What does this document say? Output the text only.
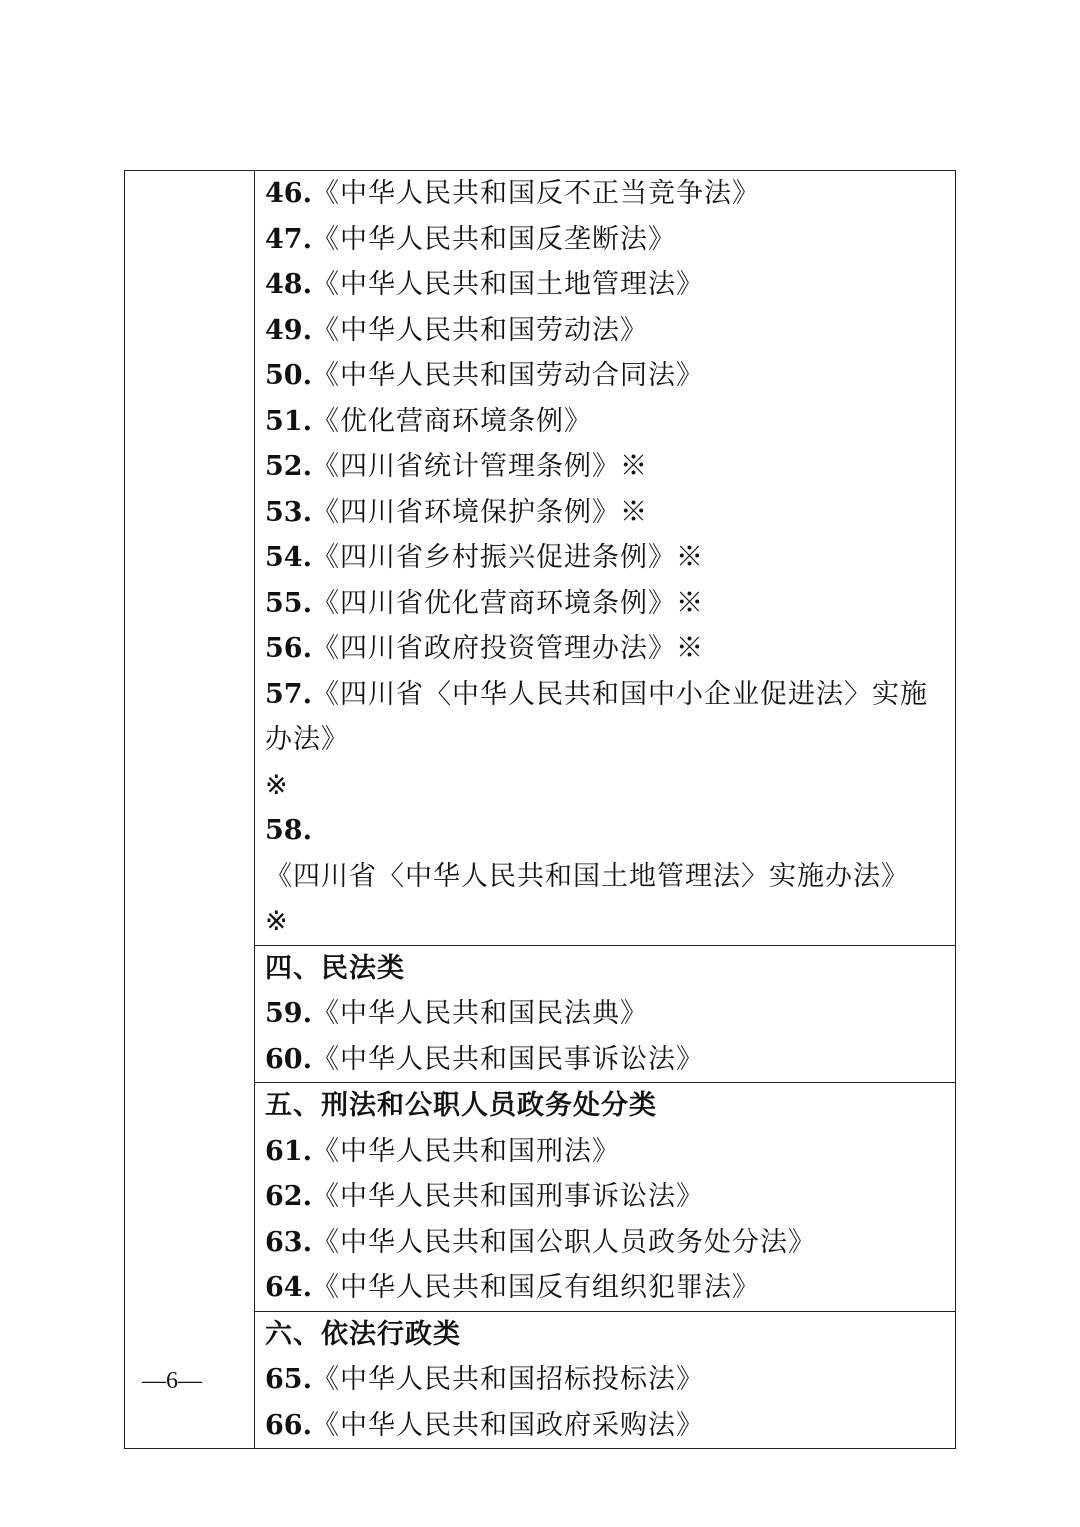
46.《中华人民共和国反不正当竞争法》
47.《中华人民共和国反垄断法》
48.《中华人民共和国土地管理法》
49.《中华人民共和国劳动法》
50.《中华人民共和国劳动合同法》
51.《优化营商环境条例》
52.《四川省统计管理条例》※
53.《四川省环境保护条例》※
54.《四川省乡村振兴促进条例》※
55.《四川省优化营商环境条例》※
56.《四川省政府投资管理办法》※
57.《四川省〈中华人民共和国中小企业促进法〉实施办法》
※
58.《四川省〈中华人民共和国土地管理法〉实施办法》
※

四、民法类
59.《中华人民共和国民法典》
60.《中华人民共和国民事诉讼法》

五、刑法和公职人员政务处分类
61.《中华人民共和国刑法》
62.《中华人民共和国刑事诉讼法》
63.《中华人民共和国公职人员政务处分法》
64.《中华人民共和国反有组织犯罪法》

六、依法行政类
65.《中华人民共和国招标投标法》
66.《中华人民共和国政府采购法》
—6—
